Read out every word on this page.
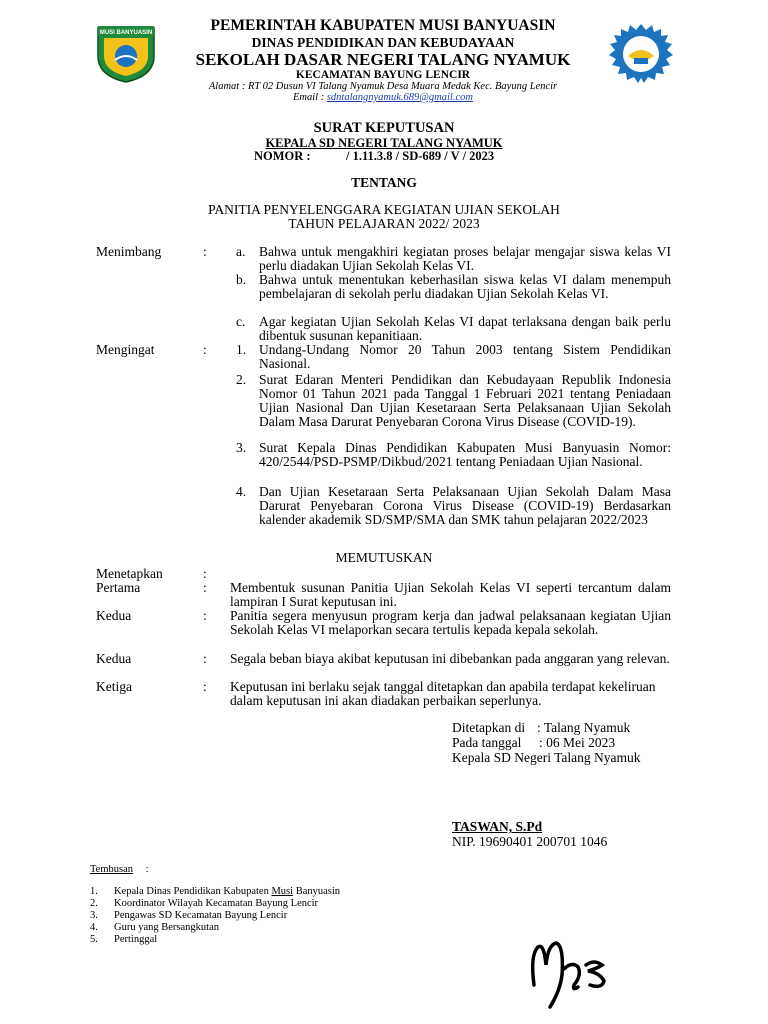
MUSI BANYUASIN	PEMERINTAH KABUPATEN MUSI BANYUASIN
DINAS PENDIDIKAN DAN KEBUDAYAAN
SEKOLAH DASAR NEGERI TALANG NYAMUK
KECAMATAN BAYUNG LENCIR
Alamat : RT 02 Dusun VI Talang Nyamuk Desa Muara Medak Kec. Bayung Lencir
Email : sdntalangnyamuk.689@gmail.com
SURAT KEPUTUSAN
KEPALA SD NEGERI TALANG NYAMUK
NOMOR :	/ 1.11.3.8 / SD-689 / V / 2023
TENTANG
PANITIA PENYELENGGARA KEGIATAN UJIAN SEKOLAH
TAHUN PELAJARAN 2022/ 2023
Menimbang	: a. Bahwa untuk mengakhiri kegiatan proses belajar mengajar siswa kelas VI perlu diadakan Ujian Sekolah Kelas VI.
b. Bahwa untuk menentukan keberhasilan siswa kelas VI dalam menempuh pembelajaran di sekolah perlu diadakan Ujian Sekolah Kelas VI.
c. Agar kegiatan Ujian Sekolah Kelas VI dapat terlaksana dengan baik perlu dibentuk susunan kepanitiaan.
Mengingat	: 1. Undang-Undang Nomor 20 Tahun 2003 tentang Sistem Pendidikan Nasional.
2. Surat Edaran Menteri Pendidikan dan Kebudayaan Republik Indonesia Nomor 01 Tahun 2021 pada Tanggal 1 Februari 2021 tentang Peniadaan Ujian Nasional Dan Ujian Kesetaraan Serta Pelaksanaan Ujian Sekolah Dalam Masa Darurat Penyebaran Corona Virus Disease (COVID-19).
3. Surat Kepala Dinas Pendidikan Kabupaten Musi Banyuasin Nomor: 420/2544/PSD-PSMP/Dikbud/2021 tentang Peniadaan Ujian Nasional.
4. Dan Ujian Kesetaraan Serta Pelaksanaan Ujian Sekolah Dalam Masa Darurat Penyebaran Corona Virus Disease (COVID-19) Berdasarkan kalender akademik SD/SMP/SMA dan SMK tahun pelajaran 2022/2023
MEMUTUSKAN
Menetapkan	:
Pertama	: Membentuk susunan Panitia Ujian Sekolah Kelas VI seperti tercantum dalam lampiran I Surat keputusan ini.
Kedua	: Panitia segera menyusun program kerja dan jadwal pelaksanaan kegiatan Ujian Sekolah Kelas VI melaporkan secara tertulis kepada kepala sekolah.
Kedua	: Segala beban biaya akibat keputusan ini dibebankan pada anggaran yang relevan.
Ketiga	: Keputusan ini berlaku sejak tanggal ditetapkan dan apabila terdapat kekeliruan dalam keputusan ini akan diadakan perbaikan seperlunya.
Ditetapkan di : Talang Nyamuk
Pada tanggal : 06 Mei 2023
Kepala SD Negeri Talang Nyamuk
TASWAN, S.Pd
NIP. 19690401 200701 1046
Tembusan :
1. Kepala Dinas Pendidikan Kabupaten Musi Banyuasin
2. Koordinator Wilayah Kecamatan Bayung Lencir
3. Pengawas SD Kecamatan Bayung Lencir
4. Guru yang Bersangkutan
5. Pertinggal
